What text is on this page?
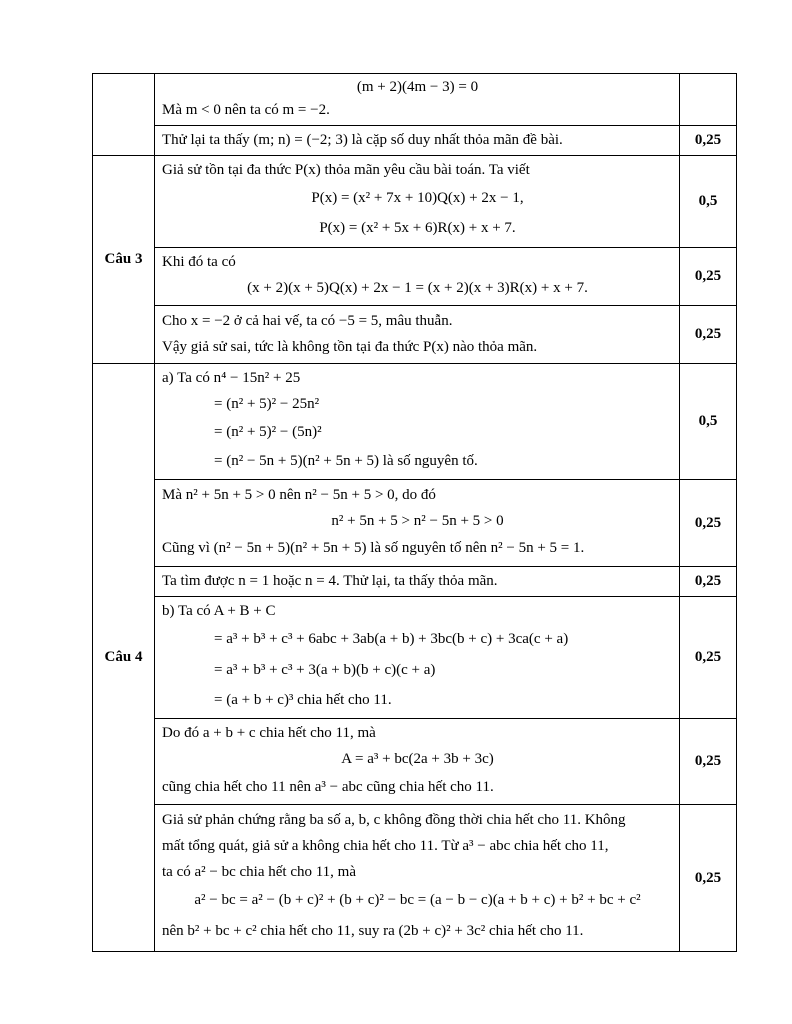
	(m + 2)(4m − 3) = 0
Mà m < 0 nên ta có m = −2.	

	Thử lại ta thấy (m; n) = (−2; 3) là cặp số duy nhất thỏa mãn đề bài.	0,25
Câu 3	Giả sử tồn tại đa thức P(x) thỏa mãn yêu cầu bài toán. Ta viết
P(x) = (x² + 7x + 10)Q(x) + 2x − 1,
P(x) = (x² + 5x + 6)R(x) + x + 7.	0,5

	Khi đó ta có
(x + 2)(x + 5)Q(x) + 2x − 1 = (x + 2)(x + 3)R(x) + x + 7.	0,25

	Cho x = −2 ở cả hai vế, ta có −5 = 5, mâu thuẫn.
Vậy giả sử sai, tức là không tồn tại đa thức P(x) nào thỏa mãn.	0,25
Câu 4	a) Ta có n⁴ − 15n² + 25
= (n² + 5)² − 25n²
= (n² + 5)² − (5n)²
= (n² − 5n + 5)(n² + 5n + 5) là số nguyên tố.	0,5

	Mà n² + 5n + 5 > 0 nên n² − 5n + 5 > 0, do đó
n² + 5n + 5 > n² − 5n + 5 > 0
Cũng vì (n² − 5n + 5)(n² + 5n + 5) là số nguyên tố nên n² − 5n + 5 = 1.	0,25

	Ta tìm được n = 1 hoặc n = 4. Thử lại, ta thấy thỏa mãn.	0,25

	b) Ta có A + B + C
= a³ + b³ + c³ + 6abc + 3ab(a + b) + 3bc(b + c) + 3ca(c + a)
= a³ + b³ + c³ + 3(a + b)(b + c)(c + a)
= (a + b + c)³ chia hết cho 11.	0,25

	Do đó a + b + c chia hết cho 11, mà
A = a³ + bc(2a + 3b + 3c)
cũng chia hết cho 11 nên a³ − abc cũng chia hết cho 11.	0,25

	Giả sử phản chứng rằng ba số a, b, c không đồng thời chia hết cho 11. Không
mất tổng quát, giả sử a không chia hết cho 11. Từ a³ − abc chia hết cho 11,
ta có a² − bc chia hết cho 11, mà
a² − bc = a² − (b + c)² + (b + c)² − bc = (a − b − c)(a + b + c) + b² + bc + c²
nên b² + bc + c² chia hết cho 11, suy ra (2b + c)² + 3c² chia hết cho 11.	0,25
